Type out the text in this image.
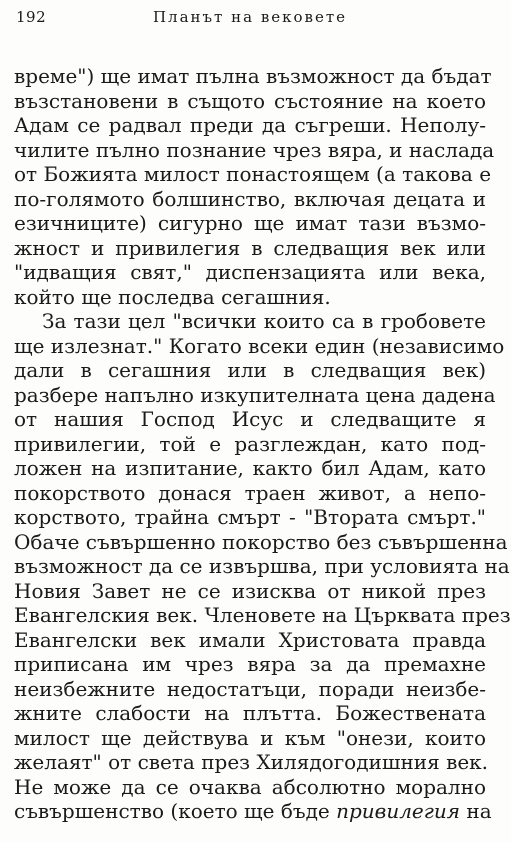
192	Планът на вековете
време") ще имат пълна възможност да бъдат
възстановени в същото състояние на което
Адам се радвал преди да съгреши. Неполу-
чилите пълно познание чрез вяра, и наслада
от Божията милост понастоящем (а такова е
по-голямото болшинство, включая децата и
езичниците) сигурно ще имат тази възмо-
жност и привилегия в следващия век или
"идващия свят," диспензацията или века,
който ще последва сегашния.
За тази цел "всички които са в гробовете
ще излезнат." Когато всеки един (независимо
дали в сегашния или в следващия век)
разбере напълно изкупителната цена дадена
от нашия Господ Исус и следващите я
привилегии, той е разглеждан, като под-
ложен на изпитание, както бил Адам, като
покорството донася траен живот, а непо-
корството, трайна смърт - "Втората смърт."
Обаче съвършенно покорство без съвършенна
възможност да се извършва, при условията на
Новия Завет не се изисква от никой през
Евангелския век. Членовете на Църквата през
Евангелски век имали Христовата правда
приписана им чрез вяра за да премахне
неизбежните недостатъци, поради неизбе-
жните слабости на плътта. Божествената
милост ще действува и към "онези, които
желаят" от света през Хилядогодишния век.
Не може да се очаква абсолютно морално
съвършенство (което ще бъде привилегия на
